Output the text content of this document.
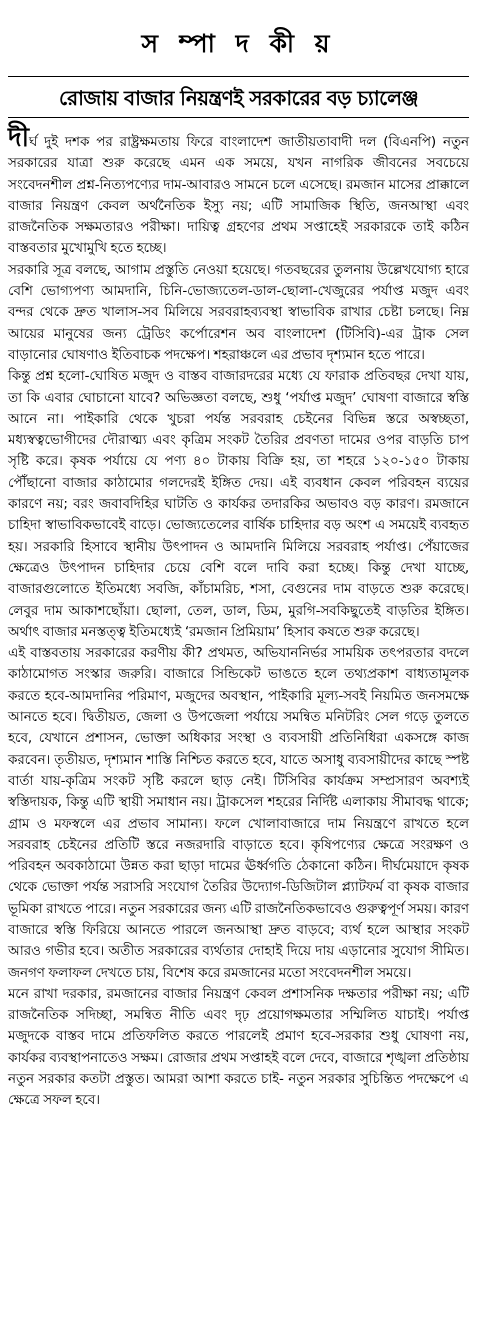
স ম্পা দ কী য়
রোজায় বাজার নিয়ন্ত্রণই সরকারের বড় চ্যালেঞ্জ

দীর্ঘ দুই দশক পর রাষ্ট্রক্ষমতায় ফিরে বাংলাদেশ জাতীয়তাবাদী দল (বিএনপি) নতুন সরকারের যাত্রা শুরু করেছে এমন এক সময়ে, যখন নাগরিক জীবনের সবচেয়ে সংবেদনশীল প্রশ্ন-নিত্যপণ্যের দাম-আবারও সামনে চলে এসেছে। রমজান মাসের প্রাক্কালে বাজার নিয়ন্ত্রণ কেবল অর্থনৈতিক ইস্যু নয়; এটি সামাজিক স্থিতি, জনআস্থা এবং রাজনৈতিক সক্ষমতারও পরীক্ষা। দায়িত্ব গ্রহণের প্রথম সপ্তাহেই সরকারকে তাই কঠিন বাস্তবতার মুখোমুখি হতে হচ্ছে।

সরকারি সূত্র বলছে, আগাম প্রস্তুতি নেওয়া হয়েছে। গতবছরের তুলনায় উল্লেখযোগ্য হারে বেশি ভোগ্যপণ্য আমদানি, চিনি-ভোজ্যতেল-ডাল-ছোলা-খেজুরের পর্যাপ্ত মজুদ এবং বন্দর থেকে দ্রুত খালাস-সব মিলিয়ে সরবরাহব্যবস্থা স্বাভাবিক রাখার চেষ্টা চলছে। নিম্ন আয়ের মানুষের জন্য ট্রেডিং কর্পোরেশন অব বাংলাদেশ (টিসিবি)-এর ট্রাক সেল বাড়ানোর ঘোষণাও ইতিবাচক পদক্ষেপ। শহরাঞ্চলে এর প্রভাব দৃশ্যমান হতে পারে।

কিন্তু প্রশ্ন হলো-ঘোষিত মজুদ ও বাস্তব বাজারদরের মধ্যে যে ফারাক প্রতিবছর দেখা যায়, তা কি এবার ঘোচানো যাবে? অভিজ্ঞতা বলছে, শুধু ‘পর্যাপ্ত মজুদ’ ঘোষণা বাজারে স্বস্তি আনে না। পাইকারি থেকে খুচরা পর্যন্ত সরবরাহ চেইনের বিভিন্ন স্তরে অস্বচ্ছতা, মধ্যস্বত্বভোগীদের দৌরাত্ম্য এবং কৃত্রিম সংকট তৈরির প্রবণতা দামের ওপর বাড়তি চাপ সৃষ্টি করে। কৃষক পর্যায়ে যে পণ্য ৪০ টাকায় বিক্রি হয়, তা শহরে ১২০-১৫০ টাকায় পৌঁছানো বাজার কাঠামোর গলদেরই ইঙ্গিত দেয়। এই ব্যবধান কেবল পরিবহন ব্যয়ের কারণে নয়; বরং জবাবদিহির ঘাটতি ও কার্যকর তদারকির অভাবও বড় কারণ। রমজানে চাহিদা স্বাভাবিকভাবেই বাড়ে। ভোজ্যতেলের বার্ষিক চাহিদার বড় অংশ এ সময়েই ব্যবহৃত হয়। সরকারি হিসাবে স্থানীয় উৎপাদন ও আমদানি মিলিয়ে সরবরাহ পর্যাপ্ত। পেঁয়াজের ক্ষেত্রেও উৎপাদন চাহিদার চেয়ে বেশি বলে দাবি করা হচ্ছে। কিন্তু দেখা যাচ্ছে, বাজারগুলোতে ইতিমধ্যে সবজি, কাঁচামরিচ, শসা, বেগুনের দাম বাড়তে শুরু করেছে। লেবুর দাম আকাশছোঁয়া। ছোলা, তেল, ডাল, ডিম, মুরগি-সবকিছুতেই বাড়তির ইঙ্গিত। অর্থাৎ বাজার মনস্তত্ত্ব ইতিমধ্যেই ‘রমজান প্রিমিয়াম’ হিসাব কষতে শুরু করেছে।

এই বাস্তবতায় সরকারের করণীয় কী? প্রথমত, অভিযাননির্ভর সাময়িক তৎপরতার বদলে কাঠামোগত সংস্কার জরুরি। বাজারে সিন্ডিকেট ভাঙতে হলে তথ্যপ্রকাশ বাধ্যতামূলক করতে হবে-আমদানির পরিমাণ, মজুদের অবস্থান, পাইকারি মূল্য-সবই নিয়মিত জনসমক্ষে আনতে হবে। দ্বিতীয়ত, জেলা ও উপজেলা পর্যায়ে সমন্বিত মনিটরিং সেল গড়ে তুলতে হবে, যেখানে প্রশাসন, ভোক্তা অধিকার সংস্থা ও ব্যবসায়ী প্রতিনিধিরা একসঙ্গে কাজ করবেন। তৃতীয়ত, দৃশ্যমান শাস্তি নিশ্চিত করতে হবে, যাতে অসাধু ব্যবসায়ীদের কাছে স্পষ্ট বার্তা যায়-কৃত্রিম সংকট সৃষ্টি করলে ছাড় নেই। টিসিবির কার্যক্রম সম্প্রসারণ অবশ্যই স্বস্তিদায়ক, কিন্তু এটি স্থায়ী সমাধান নয়। ট্রাকসেল শহরের নির্দিষ্ট এলাকায় সীমাবদ্ধ থাকে; গ্রাম ও মফস্বলে এর প্রভাব সামান্য। ফলে খোলাবাজারে দাম নিয়ন্ত্রণে রাখতে হলে সরবরাহ চেইনের প্রতিটি স্তরে নজরদারি বাড়াতে হবে। কৃষিপণ্যের ক্ষেত্রে সংরক্ষণ ও পরিবহন অবকাঠামো উন্নত করা ছাড়া দামের ঊর্ধ্বগতি ঠেকানো কঠিন। দীর্ঘমেয়াদে কৃষক থেকে ভোক্তা পর্যন্ত সরাসরি সংযোগ তৈরির উদ্যোগ-ডিজিটাল প্ল্যাটফর্ম বা কৃষক বাজার ভূমিকা রাখতে পারে। নতুন সরকারের জন্য এটি রাজনৈতিকভাবেও গুরুত্বপূর্ণ সময়। কারণ বাজারে স্বস্তি ফিরিয়ে আনতে পারলে জনআস্থা দ্রুত বাড়বে; ব্যর্থ হলে আস্থার সংকট আরও গভীর হবে। অতীত সরকারের ব্যর্থতার দোহাই দিয়ে দায় এড়ানোর সুযোগ সীমিত। জনগণ ফলাফল দেখতে চায়, বিশেষ করে রমজানের মতো সংবেদনশীল সময়ে।

মনে রাখা দরকার, রমজানের বাজার নিয়ন্ত্রণ কেবল প্রশাসনিক দক্ষতার পরীক্ষা নয়; এটি রাজনৈতিক সদিচ্ছা, সমন্বিত নীতি এবং দৃঢ় প্রয়োগক্ষমতার সম্মিলিত যাচাই। পর্যাপ্ত মজুদকে বাস্তব দামে প্রতিফলিত করতে পারলেই প্রমাণ হবে-সরকার শুধু ঘোষণা নয়, কার্যকর ব্যবস্থাপনাতেও সক্ষম। রোজার প্রথম সপ্তাহই বলে দেবে, বাজারে শৃঙ্খলা প্রতিষ্ঠায় নতুন সরকার কতটা প্রস্তুত। আমরা আশা করতে চাই- নতুন সরকার সুচিন্তিত পদক্ষেপে এ ক্ষেত্রে সফল হবে।
